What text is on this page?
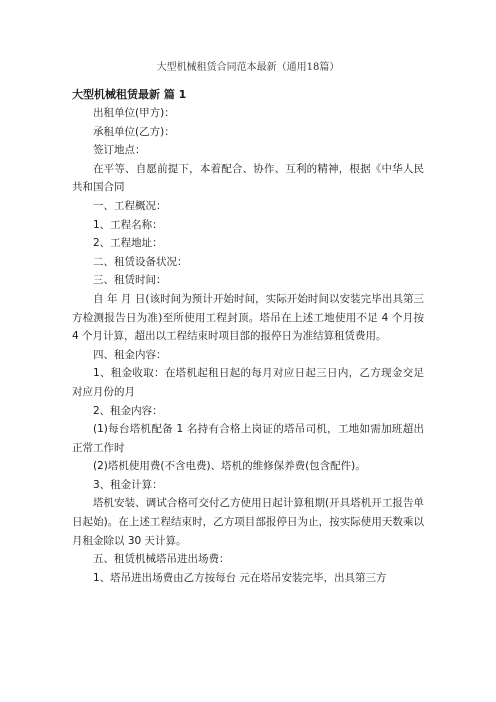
大型机械租赁合同范本最新（通用18篇）

大型机械租赁最新 篇 1

出租单位(甲方)：

承租单位(乙方)：

签订地点：

在平等、自愿前提下，本着配合、协作、互利的精神，根据《中华人民共和国合同

一、工程概况：

1、工程名称：

2、工程地址：

二、租赁设备状况：

三、租赁时间：

自 年 月 日(该时间为预计开始时间，实际开始时间以安装完毕出具第三方检测报告日为准)至所使用工程封顶。塔吊在上述工地使用不足 4 个月按 4 个月计算，超出以工程结束时项目部的报停日为准结算租赁费用。

四、租金内容：

1、租金收取：在塔机起租日起的每月对应日起三日内，乙方现金交足对应月份的月

2、租金内容：

(1)每台塔机配备 1 名持有合格上岗证的塔吊司机，工地如需加班超出正常工作时

(2)塔机使用费(不含电费)、塔机的维修保养费(包含配件)。

3、租金计算：

塔机安装、调试合格可交付乙方使用日起计算租期(开具塔机开工报告单日起始)。在上述工程结束时，乙方项目部报停日为止，按实际使用天数乘以月租金除以 30 天计算。

五、租赁机械塔吊进出场费：

1、塔吊进出场费由乙方按每台 元在塔吊安装完毕，出具第三方
